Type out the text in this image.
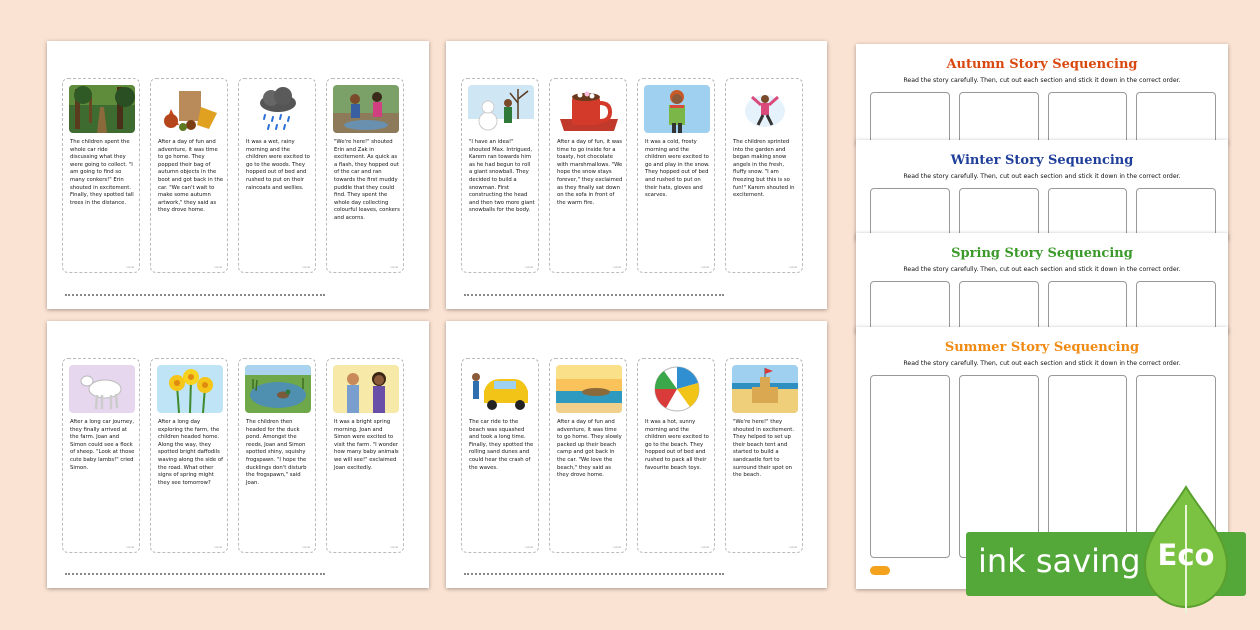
The children spent the whole car ride discussing what they were going to collect. "I am going to find so many conkers!" Erin shouted in excitement. Finally, they spotted tall trees in the distance.
twinkl
After a day of fun and adventure, it was time to go home. They popped their bag of autumn objects in the boot and got back in the car. "We can't wait to make some autumn artwork," they said as they drove home.
twinkl
It was a wet, rainy morning and the children were excited to go to the woods. They hopped out of bed and rushed to put on their raincoats and wellies.
twinkl
"We're here!" shouted Erin and Zak in excitement. As quick as a flash, they hopped out of the car and ran towards the first muddy puddle that they could find. They spent the whole day collecting colourful leaves, conkers and acorns.
twinkl
"I have an idea!" shouted Max. Intrigued, Karem ran towards him as he had begun to roll a giant snowball. They decided to build a snowman. First constructing the head and then two more giant snowballs for the body.
twinkl
After a day of fun, it was time to go inside for a toasty, hot chocolate with marshmallows. "We hope the snow stays forever," they exclaimed as they finally sat down on the sofa in front of the warm fire.
twinkl
It was a cold, frosty morning and the children were excited to go and play in the snow. They hopped out of bed and rushed to put on their hats, gloves and scarves.
twinkl
The children sprinted into the garden and began making snow angels in the fresh, fluffy snow. "I am freezing but this is so fun!" Karem shouted in excitement.
twinkl
After a long car journey, they finally arrived at the farm. Joan and Simon could see a flock of sheep. "Look at those cute baby lambs!" cried Simon.
twinkl
After a long day exploring the farm, the children headed home. Along the way, they spotted bright daffodils waving along the side of the road. What other signs of spring might they see tomorrow?
twinkl
The children then headed for the duck pond. Amongst the reeds, Joan and Simon spotted shiny, squishy frogspawn. "I hope the ducklings don't disturb the frogspawn," said Joan.
twinkl
It was a bright spring morning. Joan and Simon were excited to visit the farm. "I wonder how many baby animals we will see!" exclaimed Joan excitedly.
twinkl
The car ride to the beach was squashed and took a long time. Finally, they spotted the rolling sand dunes and could hear the crash of the waves.
twinkl
After a day of fun and adventure, it was time to go home. They slowly packed up their beach camp and got back in the car. "We love the beach," they said as they drove home.
twinkl
It was a hot, sunny morning and the children were excited to go to the beach. They hopped out of bed and rushed to pack all their favourite beach toys.
twinkl
"We're here!" they shouted in excitement. They helped to set up their beach tent and started to build a sandcastle fort to surround their spot on the beach.
twinkl
Autumn Story Sequencing
Read the story carefully. Then, cut out each section and stick it down in the correct order.
Winter Story Sequencing
Read the story carefully. Then, cut out each section and stick it down in the correct order.
Spring Story Sequencing
Read the story carefully. Then, cut out each section and stick it down in the correct order.
Summer Story Sequencing
Read the story carefully. Then, cut out each section and stick it down in the correct order.
ink saving Eco
